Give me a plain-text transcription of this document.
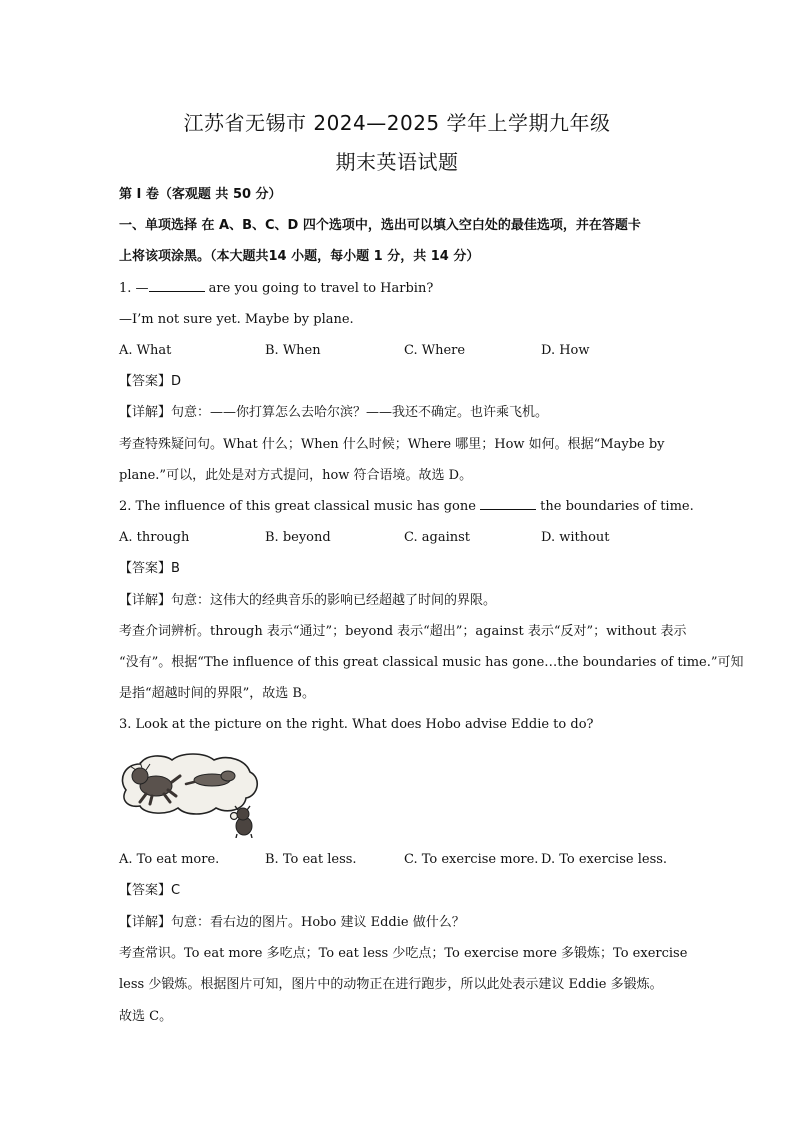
江苏省无锡市 2024—2025 学年上学期九年级
期末英语试题
第 I 卷（客观题 共 50 分）
一、单项选择 在 A、B、C、D 四个选项中，选出可以填入空白处的最佳选项，并在答题卡
上将该项涂黑。（本大题共14 小题，每小题 1 分，共 14 分）
1. —	are you going to travel to Harbin?
—I’m not sure yet. Maybe by plane.
A. What	B. When	C. Where	D. How
【答案】D
【详解】句意：——你打算怎么去哈尔滨？——我还不确定。也许乘飞机。
考查特殊疑问句。What 什么；When 什么时候；Where 哪里；How 如何。根据“Maybe by
plane.”可以，此处是对方式提问，how 符合语境。故选 D。
2. The influence of this great classical music has gone	the boundaries of time.
A. through	B. beyond	C. against	D. without
【答案】B
【详解】句意：这伟大的经典音乐的影响已经超越了时间的界限。
考查介词辨析。through 表示“通过”；beyond 表示“超出”；against 表示“反对”；without 表示
“没有”。根据“The influence of this great classical music has gone…the boundaries of time.”可知
是指“超越时间的界限”，故选 B。
3. Look at the picture on the right. What does Hobo advise Eddie to do?
A. To eat more.	B. To eat less.	C. To exercise more. D. To exercise less.
【答案】C
【详解】句意：看右边的图片。Hobo 建议 Eddie 做什么？
考查常识。To eat more 多吃点；To eat less 少吃点；To exercise more 多锻炼；To exercise
less 少锻炼。根据图片可知，图片中的动物正在进行跑步，所以此处表示建议 Eddie 多锻炼。
故选 C。
